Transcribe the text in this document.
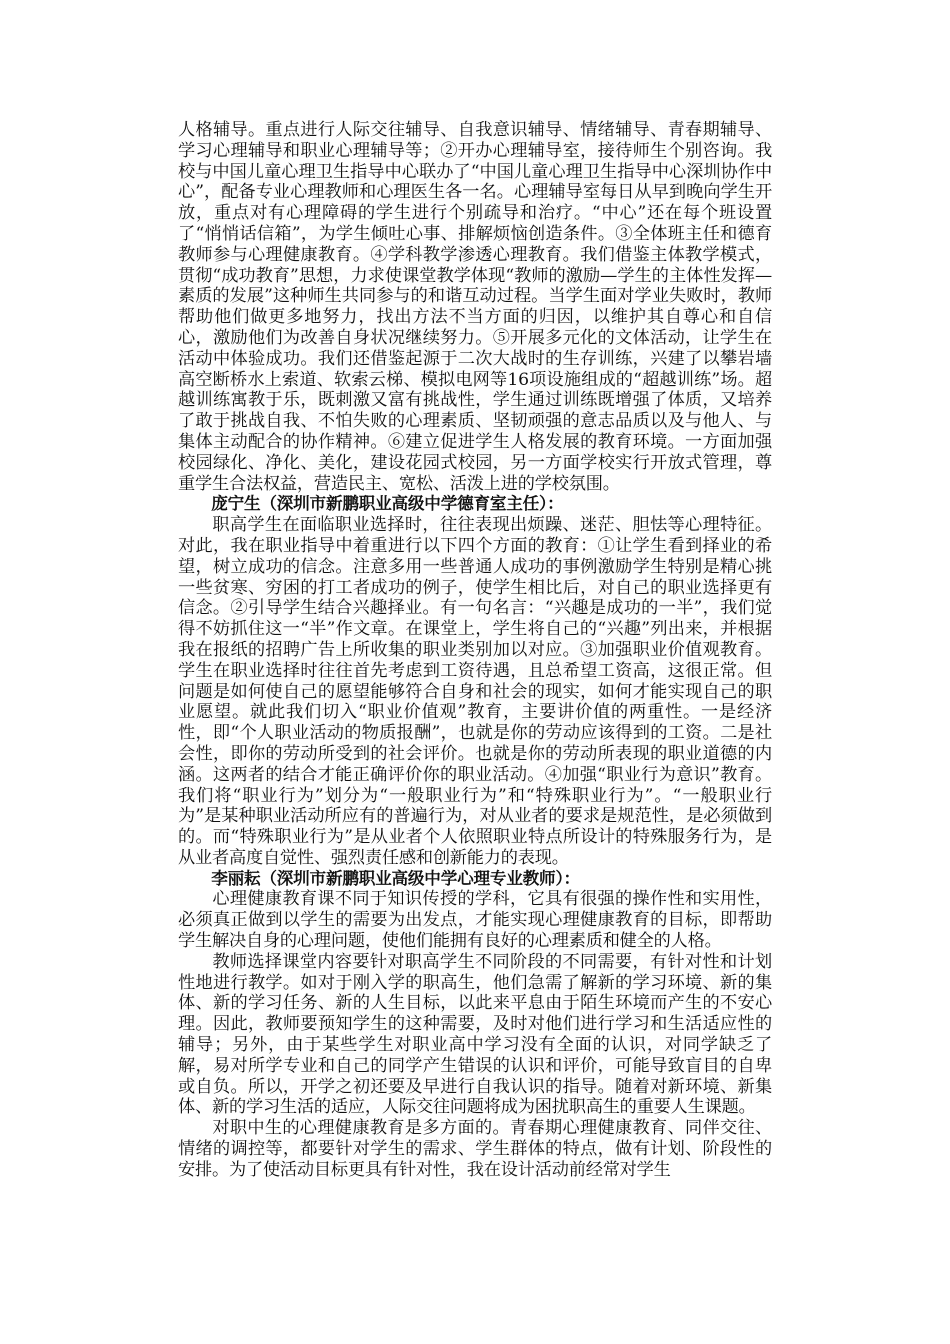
人格辅导。重点进行人际交往辅导、自我意识辅导、情绪辅导、青春期辅导、学习心理辅导和职业心理辅导等；②开办心理辅导室，接待师生个别咨询。我校与中国儿童心理卫生指导中心联办了“中国儿童心理卫生指导中心深圳协作中心”，配备专业心理教师和心理医生各一名。心理辅导室每日从早到晚向学生开放，重点对有心理障碍的学生进行个别疏导和治疗。“中心”还在每个班设置了“悄悄话信箱”，为学生倾吐心事、排解烦恼创造条件。③全体班主任和德育教师参与心理健康教育。④学科教学渗透心理教育。我们借鉴主体教学模式，贯彻“成功教育”思想，力求使课堂教学体现“教师的激励—学生的主体性发挥—素质的发展”这种师生共同参与的和谐互动过程。当学生面对学业失败时，教师帮助他们做更多地努力，找出方法不当方面的归因，以维护其自尊心和自信心，激励他们为改善自身状况继续努力。⑤开展多元化的文体活动，让学生在活动中体验成功。我们还借鉴起源于二次大战时的生存训练，兴建了以攀岩墙高空断桥水上索道、软索云梯、模拟电网等16项设施组成的“超越训练”场。超越训练寓教于乐，既刺激又富有挑战性，学生通过训练既增强了体质，又培养了敢于挑战自我、不怕失败的心理素质、坚韧顽强的意志品质以及与他人、与集体主动配合的协作精神。⑥建立促进学生人格发展的教育环境。一方面加强校园绿化、净化、美化，建设花园式校园，另一方面学校实行开放式管理，尊重学生合法权益，营造民主、宽松、活泼上进的学校氛围。

庞宁生（深圳市新鹏职业高级中学德育室主任）：

职高学生在面临职业选择时，往往表现出烦躁、迷茫、胆怯等心理特征。对此，我在职业指导中着重进行以下四个方面的教育：①让学生看到择业的希望，树立成功的信念。注意多用一些普通人成功的事例激励学生特别是精心挑一些贫寒、穷困的打工者成功的例子，使学生相比后，对自己的职业选择更有信念。②引导学生结合兴趣择业。有一句名言：“兴趣是成功的一半”，我们觉得不妨抓住这一“半”作文章。在课堂上，学生将自己的“兴趣”列出来，并根据我在报纸的招聘广告上所收集的职业类别加以对应。③加强职业价值观教育。学生在职业选择时往往首先考虑到工资待遇，且总希望工资高，这很正常。但问题是如何使自己的愿望能够符合自身和社会的现实，如何才能实现自己的职业愿望。就此我们切入“职业价值观”教育，主要讲价值的两重性。一是经济性，即“个人职业活动的物质报酬”，也就是你的劳动应该得到的工资。二是社会性，即你的劳动所受到的社会评价。也就是你的劳动所表现的职业道德的内涵。这两者的结合才能正确评价你的职业活动。④加强“职业行为意识”教育。我们将“职业行为”划分为“一般职业行为”和“特殊职业行为”。“一般职业行为”是某种职业活动所应有的普遍行为，对从业者的要求是规范性，是必须做到的。而“特殊职业行为”是从业者个人依照职业特点所设计的特殊服务行为，是从业者高度自觉性、强烈责任感和创新能力的表现。

李丽耘（深圳市新鹏职业高级中学心理专业教师）：

心理健康教育课不同于知识传授的学科，它具有很强的操作性和实用性，必须真正做到以学生的需要为出发点，才能实现心理健康教育的目标，即帮助学生解决自身的心理问题，使他们能拥有良好的心理素质和健全的人格。

教师选择课堂内容要针对职高学生不同阶段的不同需要，有针对性和计划性地进行教学。如对于刚入学的职高生，他们急需了解新的学习环境、新的集体、新的学习任务、新的人生目标，以此来平息由于陌生环境而产生的不安心理。因此，教师要预知学生的这种需要，及时对他们进行学习和生活适应性的辅导；另外，由于某些学生对职业高中学习没有全面的认识，对同学缺乏了解，易对所学专业和自己的同学产生错误的认识和评价，可能导致盲目的自卑或自负。所以，开学之初还要及早进行自我认识的指导。随着对新环境、新集体、新的学习生活的适应，人际交往问题将成为困扰职高生的重要人生课题。

对职中生的心理健康教育是多方面的。青春期心理健康教育、同伴交往、情绪的调控等，都要针对学生的需求、学生群体的特点，做有计划、阶段性的安排。为了使活动目标更具有针对性，我在设计活动前经常对学生
